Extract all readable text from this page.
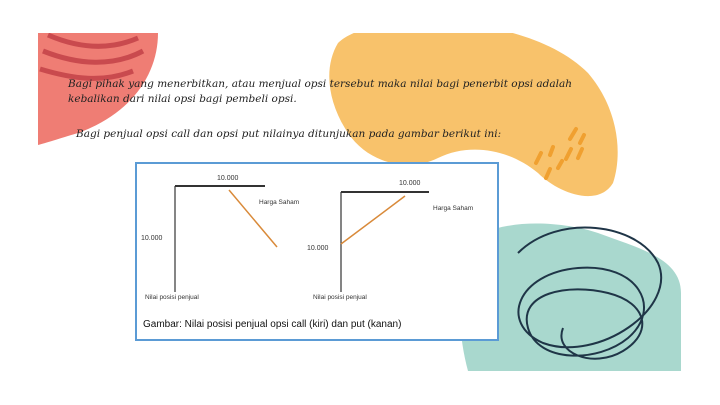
Bagi pihak yang menerbitkan, atau menjual opsi tersebut maka nilai bagi penerbit opsi adalah kebalikan dari nilai opsi bagi pembeli opsi.
Bagi penjual opsi call dan opsi put nilainya ditunjukan pada gambar berikut ini:
10.000
10.000
Harga Saham
Nilai posisi penjual
10.000
10.000
Harga Saham
Nilai posisi penjual
Gambar: Nilai posisi penjual opsi call (kiri) dan put (kanan)
